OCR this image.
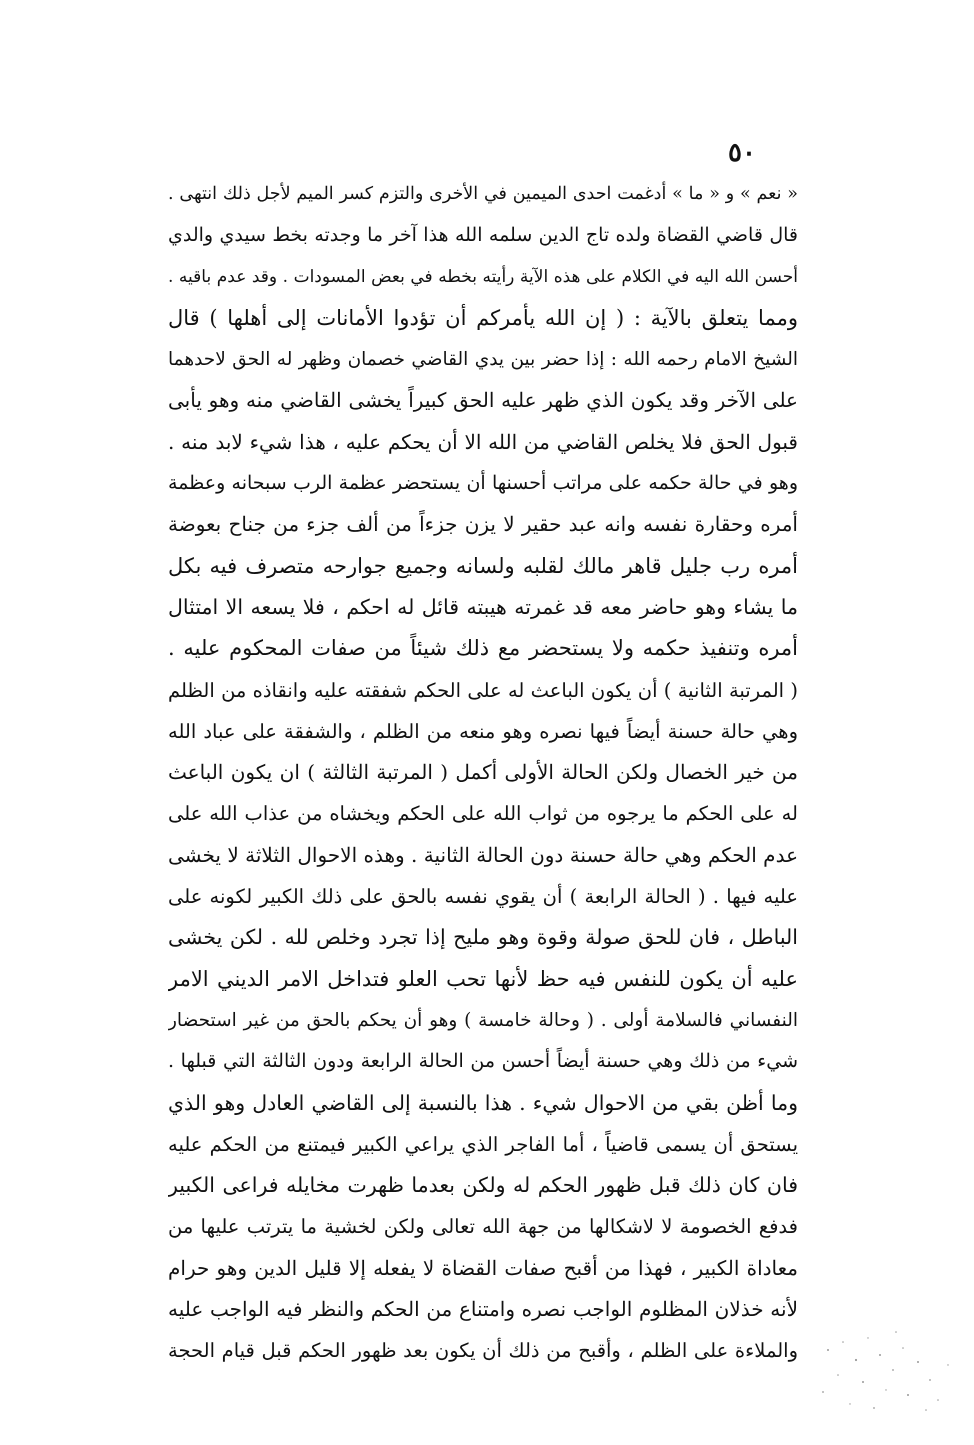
٥٠
« نعم » و « ما » أدغمت احدى الميمين في الأخرى والتزم كسر الميم لأجل ذلك انتهى .
قال قاضي القضاة ولده تاج الدين سلمه الله هذا آخر ما وجدته بخط سيدي والدي
أحسن الله اليه في الكلام على هذه الآية رأيته بخطه في بعض المسودات . وقد عدم باقيه .
ومما يتعلق بالآية : ( إن الله يأمركم أن تؤدوا الأمانات إلى أهلها ) قال
الشيخ الامام رحمه الله : إذا حضر بين يدي القاضي خصمان وظهر له الحق لاحدهما
على الآخر وقد يكون الذي ظهر عليه الحق كبيراً يخشى القاضي منه وهو يأبى
قبول الحق فلا يخلص القاضي من الله الا أن يحكم عليه ، هذا شيء لابد منه .
وهو في حالة حكمه على مراتب أحسنها أن يستحضر عظمة الرب سبحانه وعظمة
أمره وحقارة نفسه وانه عبد حقير لا يزن جزءاً من ألف جزء من جناح بعوضة
أمره رب جليل قاهر مالك لقلبه ولسانه وجميع جوارحه متصرف فيه بكل
ما يشاء وهو حاضر معه قد غمرته هيبته قائل له احكم ، فلا يسعه الا امتثال
أمره وتنفيذ حكمه ولا يستحضر مع ذلك شيئاً من صفات المحكوم عليه .
( المرتبة الثانية ) أن يكون الباعث له على الحكم شفقته عليه وانقاذه من الظلم
وهي حالة حسنة أيضاً فيها نصره وهو منعه من الظلم ، والشفقة على عباد الله
من خير الخصال ولكن الحالة الأولى أكمل ( المرتبة الثالثة ) ان يكون الباعث
له على الحكم ما يرجوه من ثواب الله على الحكم ويخشاه من عذاب الله على
عدم الحكم وهي حالة حسنة دون الحالة الثانية . وهذه الاحوال الثلاثة لا يخشى
عليه فيها . ( الحالة الرابعة ) أن يقوي نفسه بالحق على ذلك الكبير لكونه على
الباطل ، فان للحق صولة وقوة وهو مليح إذا تجرد وخلص لله . لكن يخشى
عليه أن يكون للنفس فيه حظ لأنها تحب العلو فتداخل الامر الديني الامر
النفساني فالسلامة أولى . ( وحالة خامسة ) وهو أن يحكم بالحق من غير استحضار
شيء من ذلك وهي حسنة أيضاً أحسن من الحالة الرابعة ودون الثالثة التي قبلها .
وما أظن بقي من الاحوال شيء . هذا بالنسبة إلى القاضي العادل وهو الذي
يستحق أن يسمى قاضياً ، أما الفاجر الذي يراعي الكبير فيمتنع من الحكم عليه
فان كان ذلك قبل ظهور الحكم له ولكن بعدما ظهرت مخايله فراعى الكبير
فدفع الخصومة لا لاشكالها من جهة الله تعالى ولكن لخشية ما يترتب عليها من
معاداة الكبير ، فهذا من أقبح صفات القضاة لا يفعله إلا قليل الدين وهو حرام
لأنه خذلان المظلوم الواجب نصره وامتناع من الحكم والنظر فيه الواجب عليه
والملاءة على الظلم ، وأقبح من ذلك أن يكون بعد ظهور الحكم قبل قيام الحجة
